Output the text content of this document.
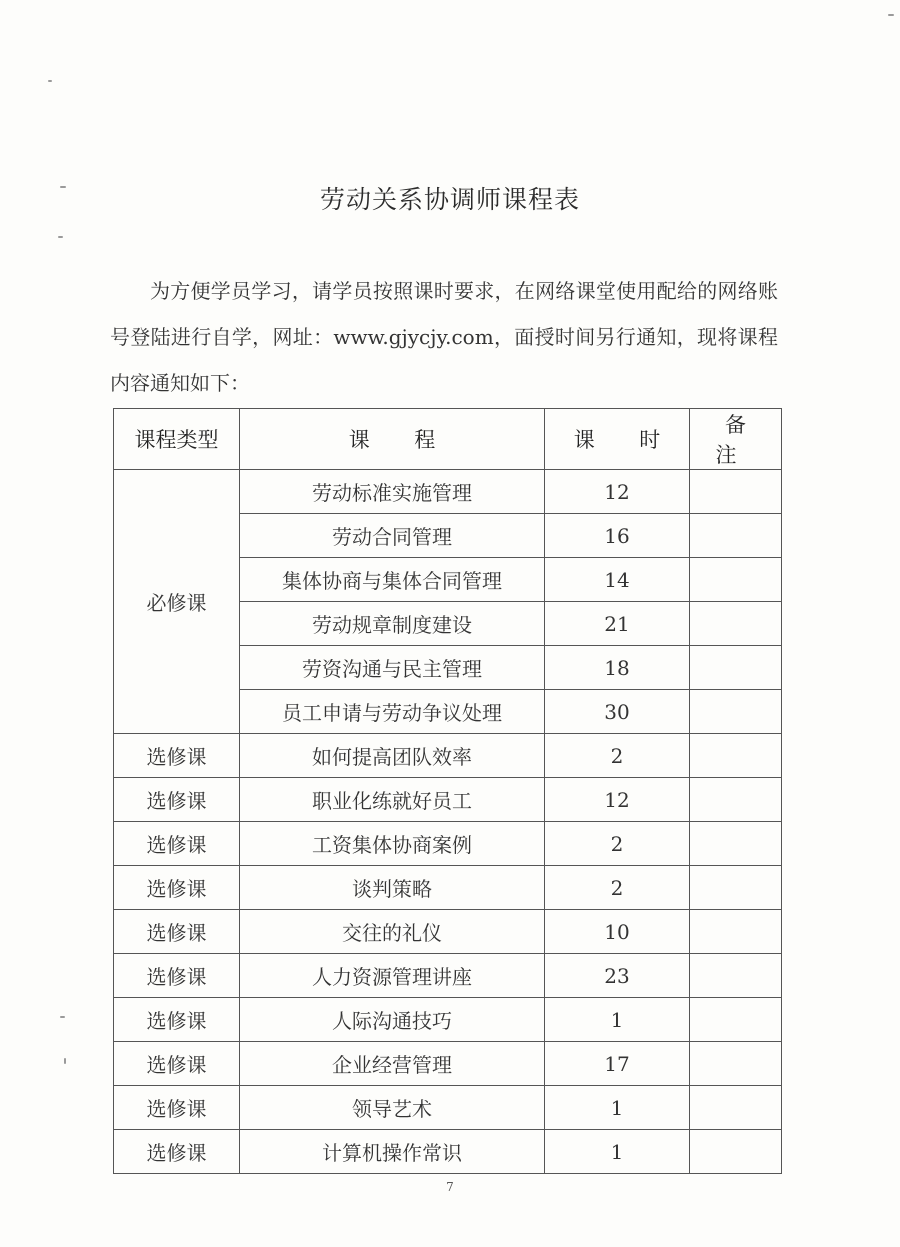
劳动关系协调师课程表
为方便学员学习，请学员按照课时要求，在网络课堂使用配给的网络账号登陆进行自学，网址：www.gjycjy.com，面授时间另行通知，现将课程内容通知如下：
课程类型	课 程	课 时	备 注
必修课	劳动标准实施管理	12	
	劳动合同管理	16	
	集体协商与集体合同管理	14	
	劳动规章制度建设	21	
	劳资沟通与民主管理	18	
	员工申请与劳动争议处理	30	
选修课	如何提高团队效率	2	
选修课	职业化练就好员工	12	
选修课	工资集体协商案例	2	
选修课	谈判策略	2	
选修课	交往的礼仪	10	
选修课	人力资源管理讲座	23	
选修课	人际沟通技巧	1	
选修课	企业经营管理	17	
选修课	领导艺术	1	
选修课	计算机操作常识	1	
7
